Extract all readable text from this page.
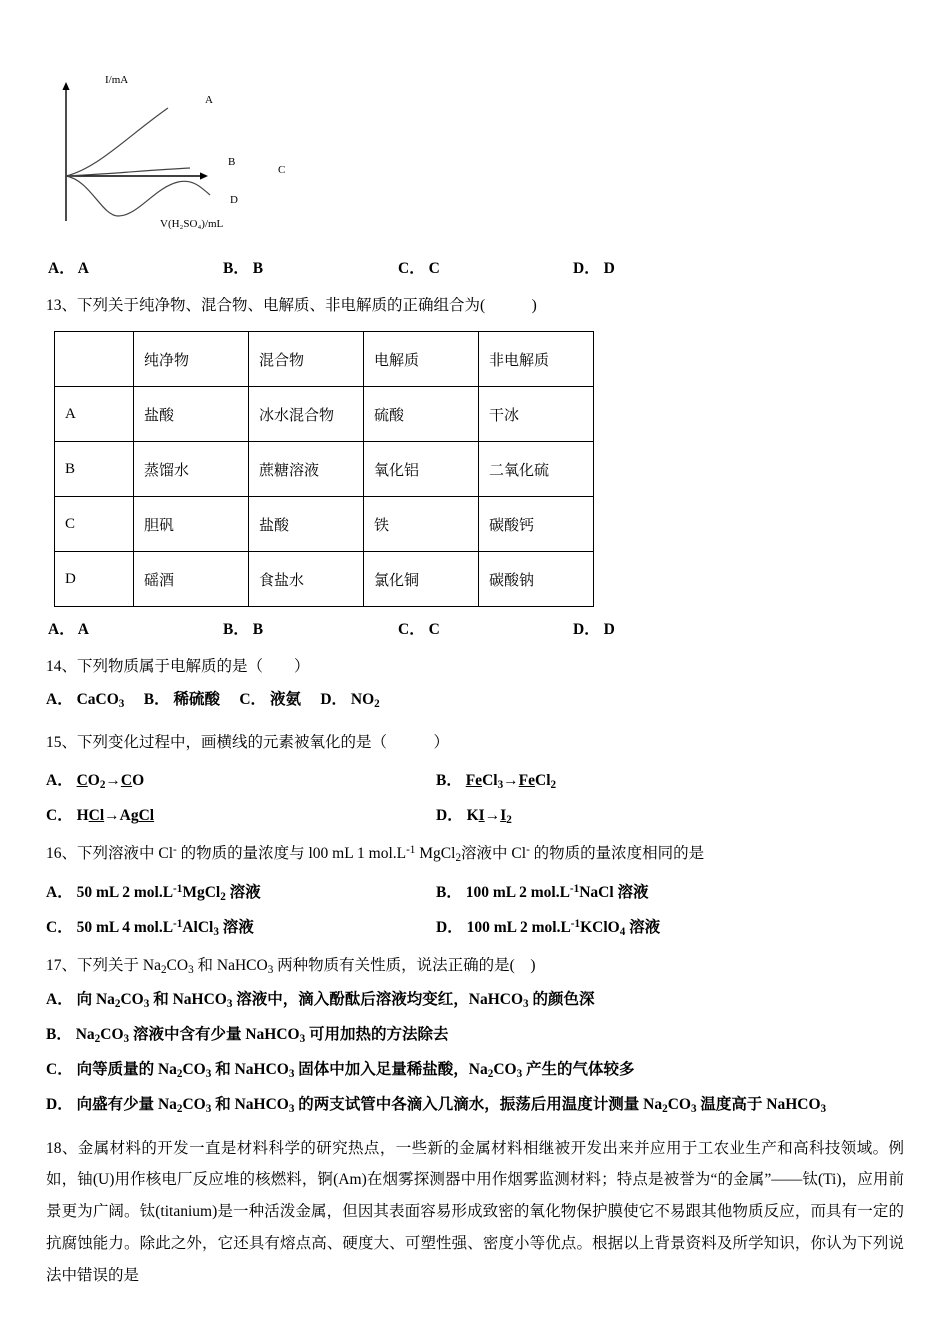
I/mA
V(H₂SO₄)/mL
A
B
C
D
A． A	B． B	C． C	D． D
13、下列关于纯净物、混合物、电解质、非电解质的正确组合为(　　　)
	纯净物	混合物	电解质	非电解质
A	盐酸	冰水混合物	硫酸	干冰
B	蒸馏水	蔗糖溶液	氧化铝	二氧化硫
C	胆矾	盐酸	铁	碳酸钙
D	磘酒	食盐水	氯化铜	碳酸钠
A． A	B． B	C． C	D． D
14、下列物质属于电解质的是（　　）
A． CaCO$_3$　 B． 稀硫酸　 C． 液氨　 D． $NO_2$
15、下列变化过程中，画横线的元素被氧化的是（　　　）
A． $CO_2\to CO$	B． FeCl$_3$→FeCl$_2$
C． HCl→AgCl	D． $KI\to I_2$
16、下列溶液中 Cl- 的物质的量浓度与 l00 mL 1 $mol.L^{-1}$ MgCl$_2$溶液中 Cl- 的物质的量浓度相同的是
A． 50 mL 2 $mol.L^{-1}MgCl_2$ 溶液	B． 100 mL 2 $mol.L^{-1}NaCl$ 溶液
C． 50 mL 4 $mol.L^{-1}AlCl_3$ 溶液	D． 100 mL 2 $mol.L^{-1}KClO_4$ 溶液
17、下列关于 $Na_2CO_3$ 和 NaHCO$_3$ 两种物质有关性质，说法正确的是(　)
A． 向 $Na_2CO_3$ 和 NaHCO$_3$ 溶液中，滴入酚酞后溶液均变红，NaHCO$_3$ 的颜色深
B． $Na_2CO_3$ 溶液中含有少量 NaHCO$_3$ 可用加热的方法除去
C． 向等质量的 $Na_2CO_3$ 和 NaHCO$_3$ 固体中加入足量稀盐酸，$Na_2CO_3$ 产生的气体较多
D． 向盛有少量 $Na_2CO_3$ 和 NaHCO$_3$ 的两支试管中各滴入几滴水，振荡后用温度计测量 $Na_2CO_3$ 温度高于 NaHCO$_3$
18、金属材料的开发一直是材料科学的研究热点，一些新的金属材料相继被开发出来并应用于工农业生产和高科技领域。例如，铀(U)用作核电厂反应堆的核燃料，锕(Am)在烟雾探测器中用作烟雾监测材料；特点是被誉为“的金属”——钛(Ti)，应用前景更为广阔。钛(titanium)是一种活泼金属，但因其表面容易形成致密的氧化物保护膜使它不易跟其他物质反应，而具有一定的抗腐蚀能力。除此之外，它还具有熔点高、硬度大、可塑性强、密度小等优点。根据以上背景资料及所学知识，你认为下列说法中错误的是
